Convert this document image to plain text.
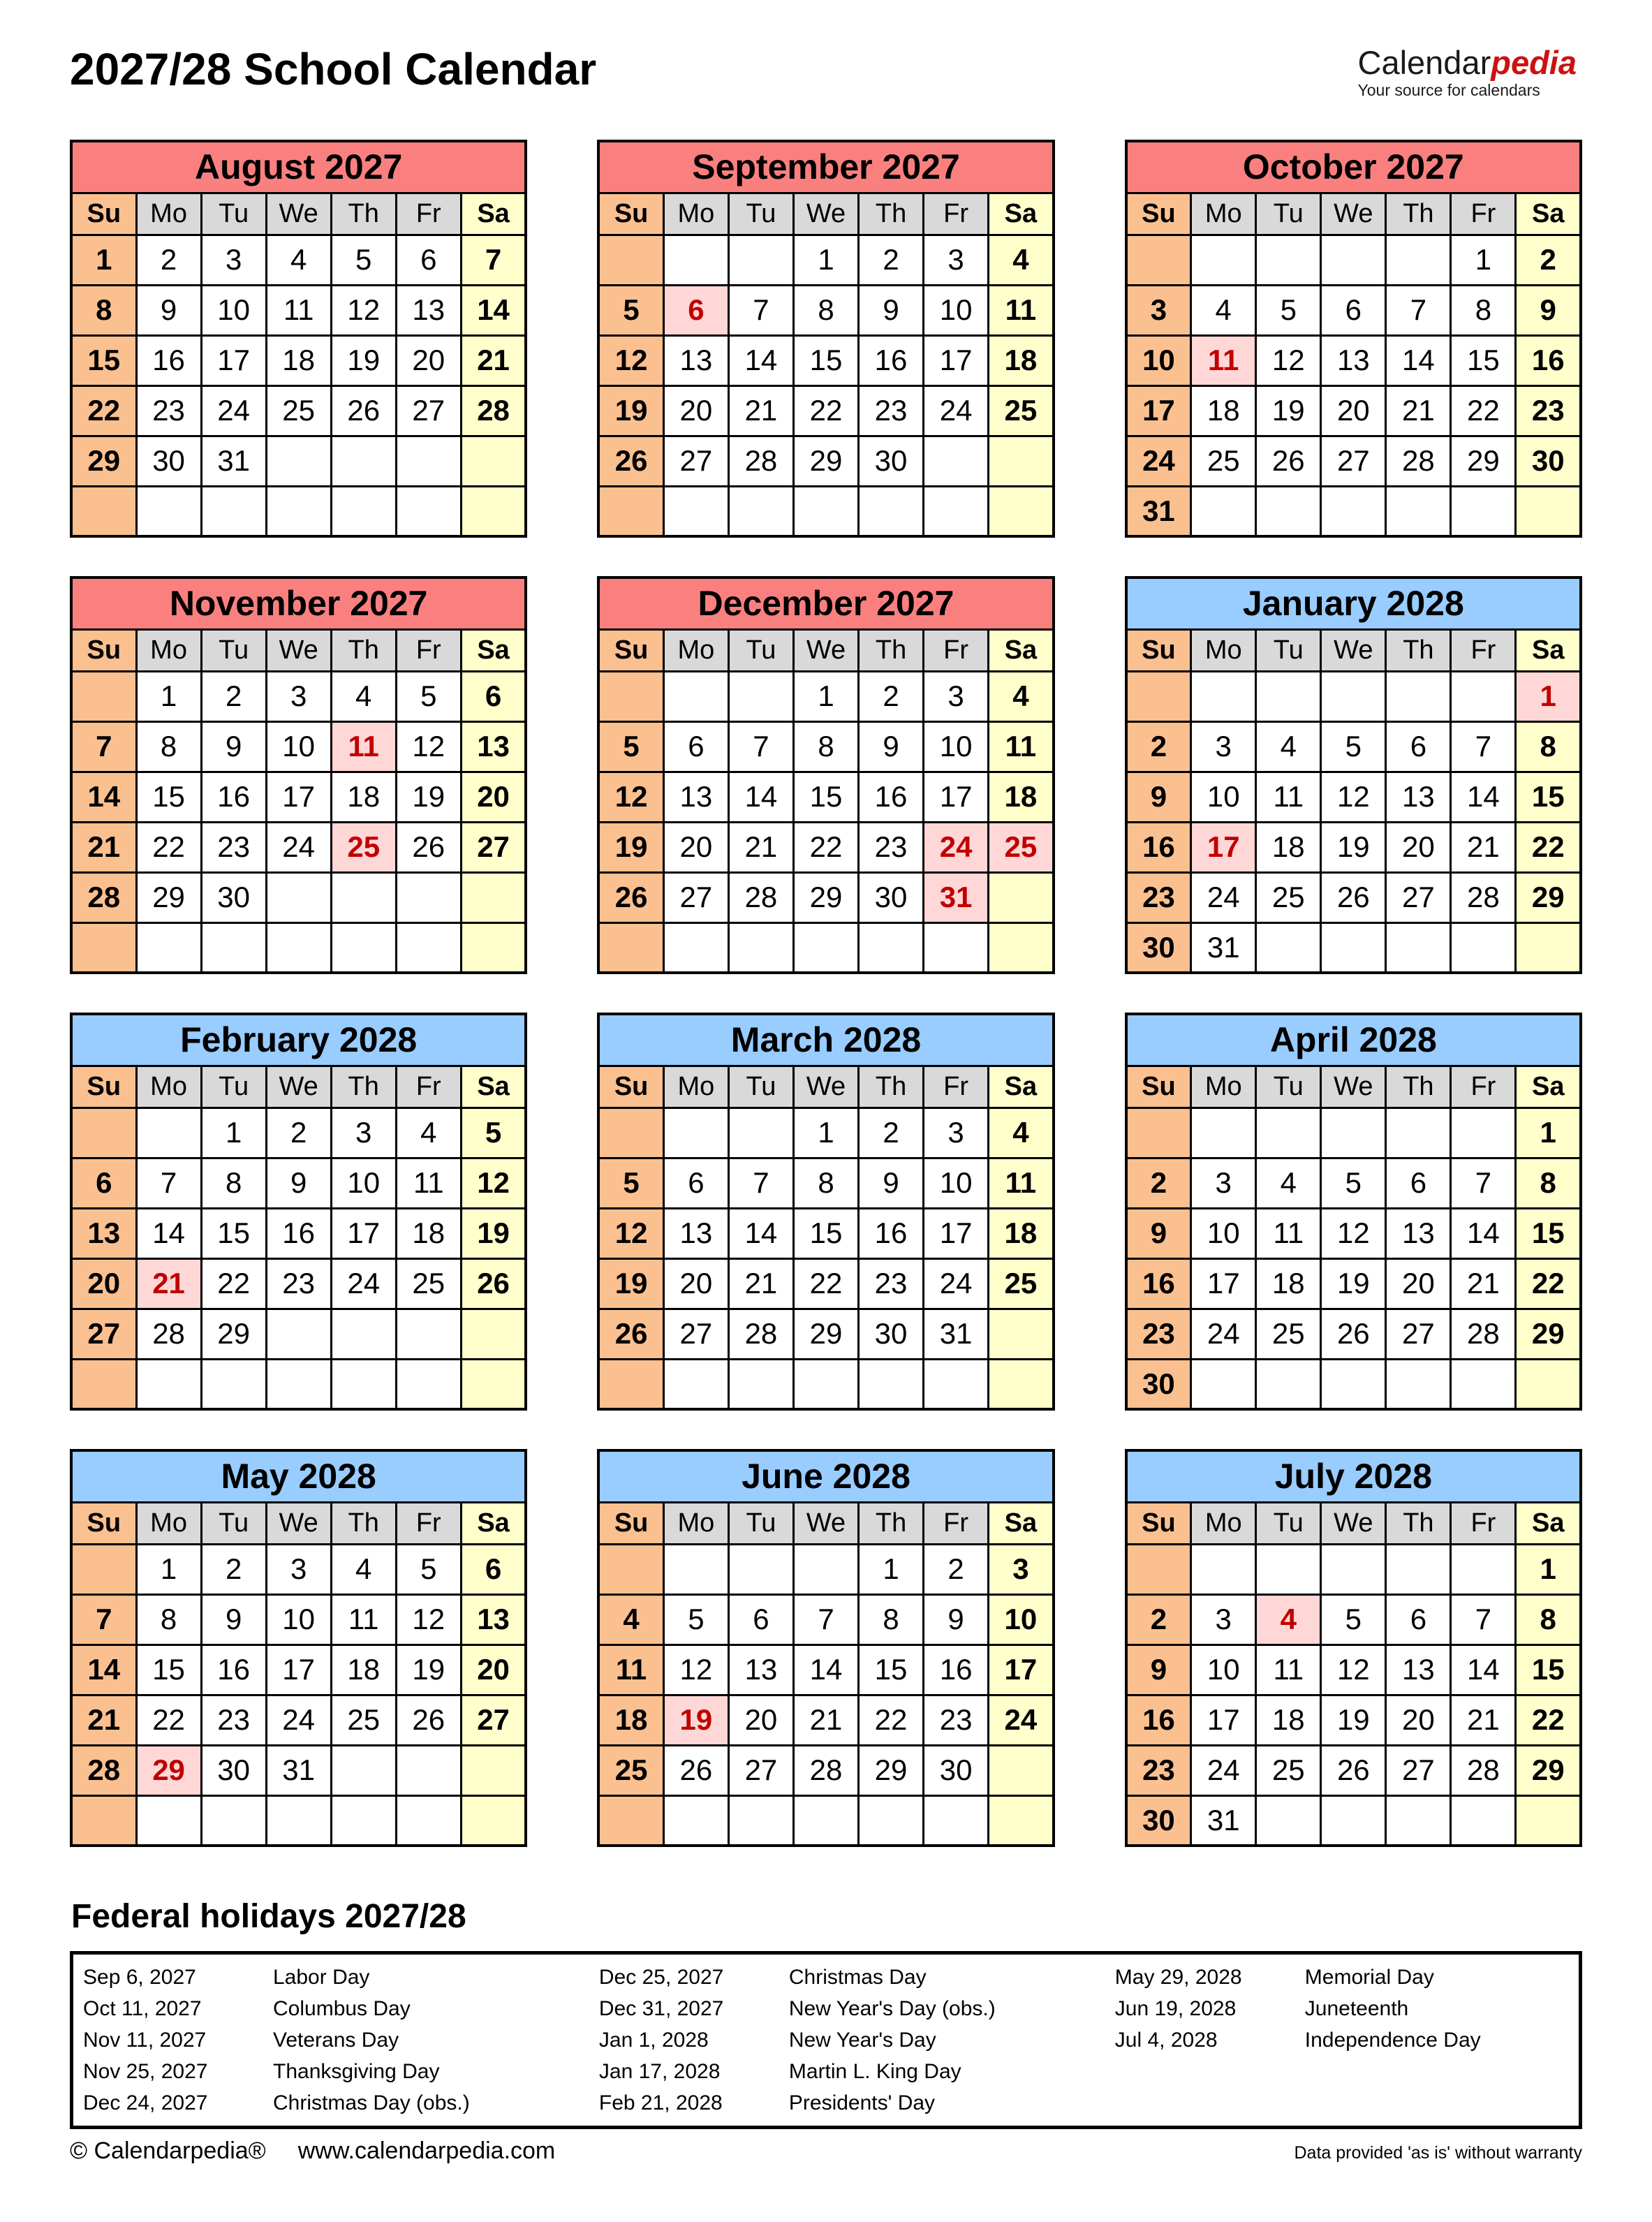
2027/28 School Calendar	Calendarpedia
Your source for calendars
August 2027						
Su	Mo	Tu	We	Th	Fr	Sa
1	2	3	4	5	6	7
8	9	10	11	12	13	14
15	16	17	18	19	20	21
22	23	24	25	26	27	28
29	30	31				

September 2027						
Su	Mo	Tu	We	Th	Fr	Sa
			1	2	3	4
5	6	7	8	9	10	11
12	13	14	15	16	17	18
19	20	21	22	23	24	25
26	27	28	29	30		

October 2027						
Su	Mo	Tu	We	Th	Fr	Sa
					1	2
3	4	5	6	7	8	9
10	11	12	13	14	15	16
17	18	19	20	21	22	23
24	25	26	27	28	29	30
31						
November 2027						
Su	Mo	Tu	We	Th	Fr	Sa
	1	2	3	4	5	6
7	8	9	10	11	12	13
14	15	16	17	18	19	20
21	22	23	24	25	26	27
28	29	30				

December 2027						
Su	Mo	Tu	We	Th	Fr	Sa
			1	2	3	4
5	6	7	8	9	10	11
12	13	14	15	16	17	18
19	20	21	22	23	24	25
26	27	28	29	30	31	

January 2028						
Su	Mo	Tu	We	Th	Fr	Sa
						1
2	3	4	5	6	7	8
9	10	11	12	13	14	15
16	17	18	19	20	21	22
23	24	25	26	27	28	29
30	31					
February 2028						
Su	Mo	Tu	We	Th	Fr	Sa
		1	2	3	4	5
6	7	8	9	10	11	12
13	14	15	16	17	18	19
20	21	22	23	24	25	26
27	28	29				

March 2028						
Su	Mo	Tu	We	Th	Fr	Sa
			1	2	3	4
5	6	7	8	9	10	11
12	13	14	15	16	17	18
19	20	21	22	23	24	25
26	27	28	29	30	31	

April 2028						
Su	Mo	Tu	We	Th	Fr	Sa
						1
2	3	4	5	6	7	8
9	10	11	12	13	14	15
16	17	18	19	20	21	22
23	24	25	26	27	28	29
30						
May 2028						
Su	Mo	Tu	We	Th	Fr	Sa
	1	2	3	4	5	6
7	8	9	10	11	12	13
14	15	16	17	18	19	20
21	22	23	24	25	26	27
28	29	30	31			

June 2028						
Su	Mo	Tu	We	Th	Fr	Sa
				1	2	3
4	5	6	7	8	9	10
11	12	13	14	15	16	17
18	19	20	21	22	23	24
25	26	27	28	29	30	

July 2028						
Su	Mo	Tu	We	Th	Fr	Sa
						1
2	3	4	5	6	7	8
9	10	11	12	13	14	15
16	17	18	19	20	21	22
23	24	25	26	27	28	29
30	31					
Federal holidays 2027/28
Sep 6, 2027	Labor Day
Oct 11, 2027	Columbus Day
Nov 11, 2027	Veterans Day
Nov 25, 2027	Thanksgiving Day
Dec 24, 2027	Christmas Day (obs.)
Dec 25, 2027	Christmas Day
Dec 31, 2027	New Year's Day (obs.)
Jan 1, 2028	New Year's Day
Jan 17, 2028	Martin L. King Day
Feb 21, 2028	Presidents' Day
May 29, 2028	Memorial Day
Jun 19, 2028	Juneteenth
Jul 4, 2028	Independence Day
© Calendarpedia® www.calendarpedia.com	Data provided 'as is' without warranty
